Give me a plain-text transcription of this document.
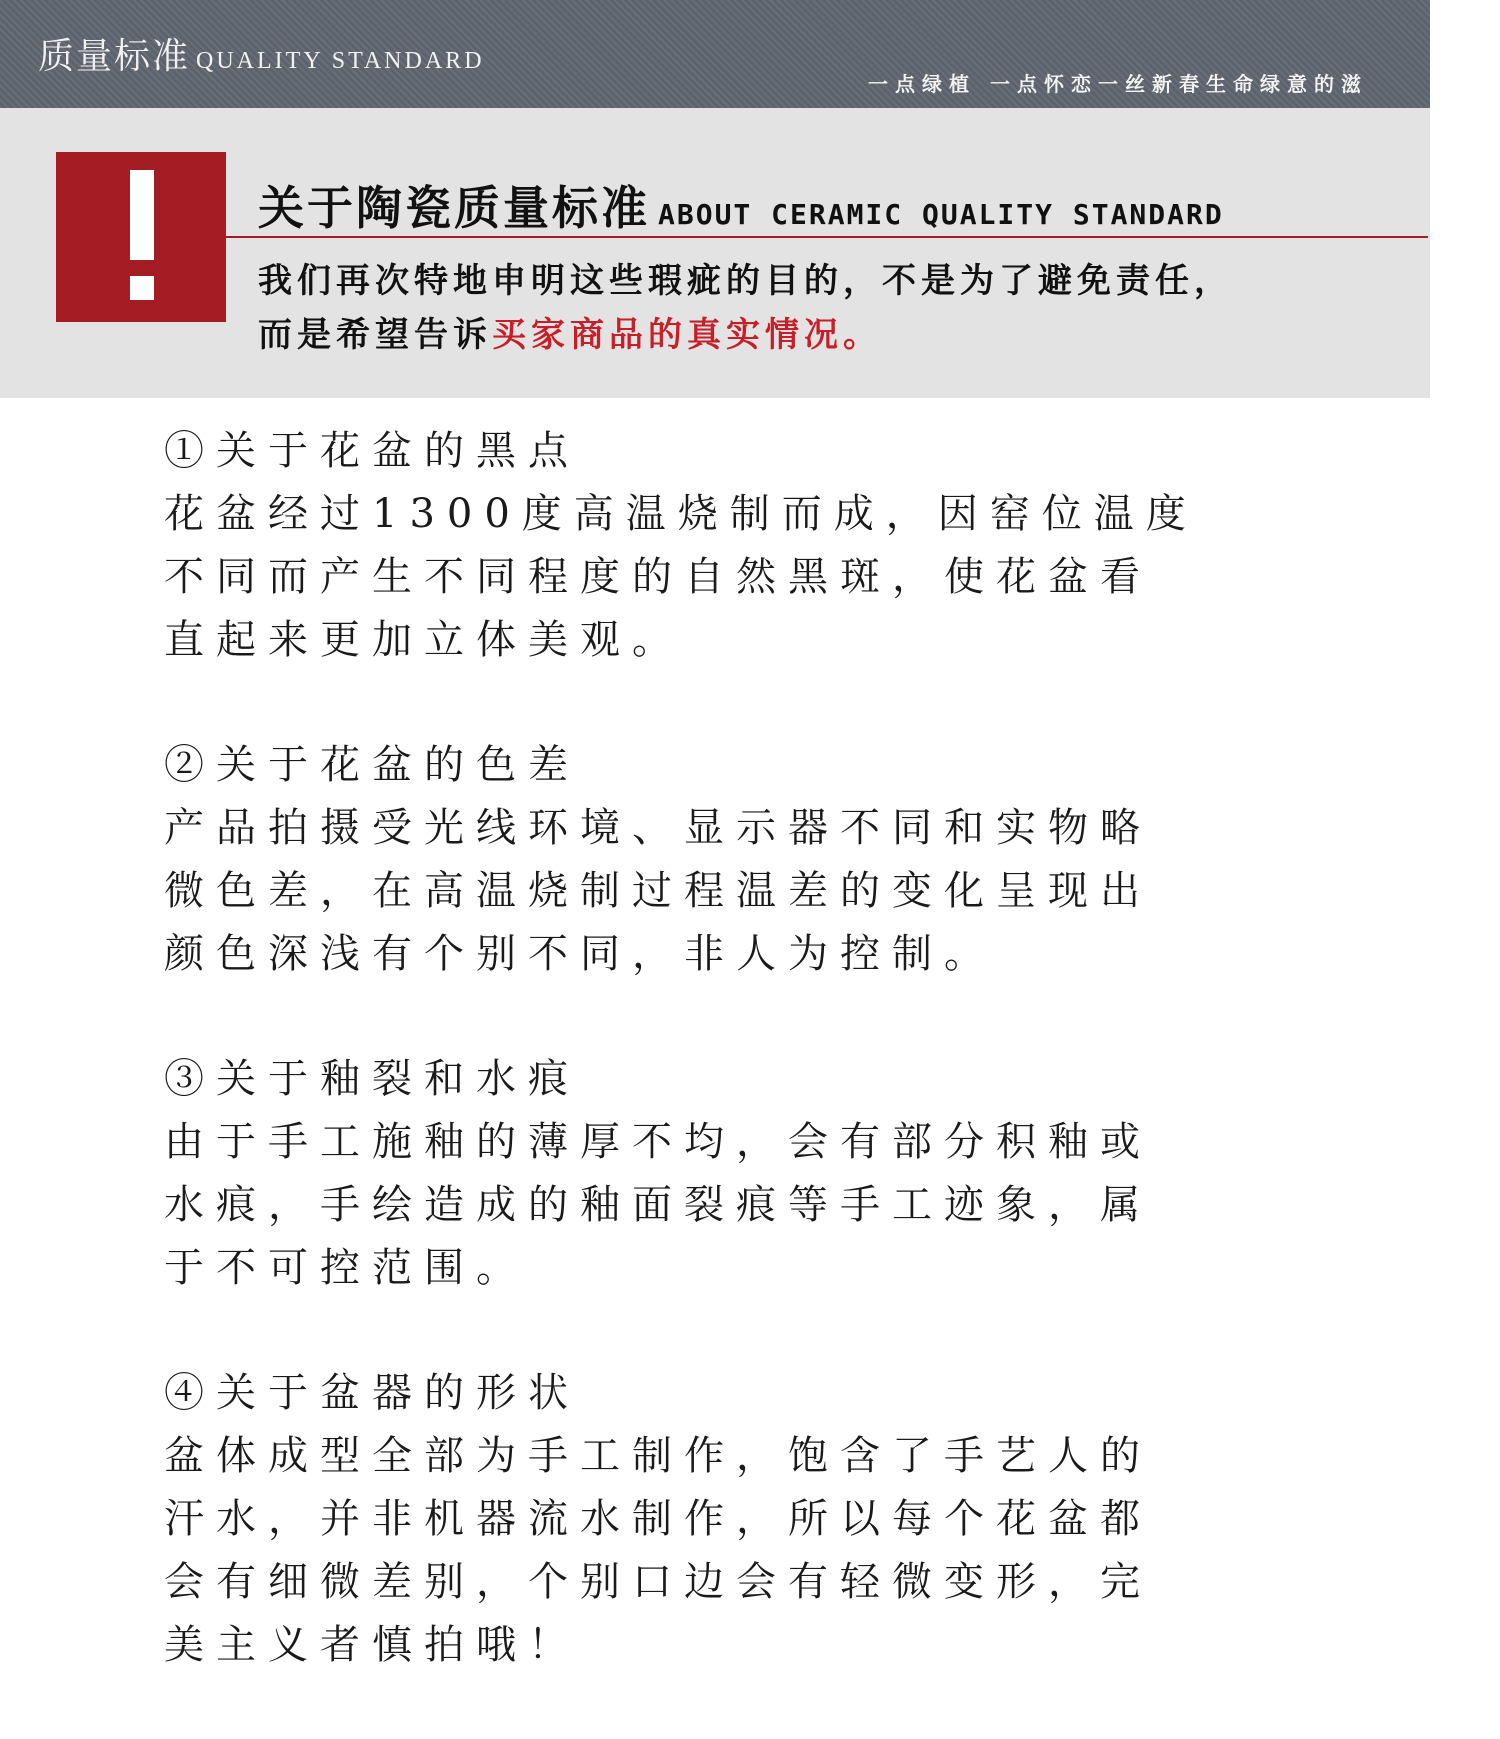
质量标准 QUALITY STANDARD
一点绿植 一点怀恋一丝新春生命绿意的滋
关于陶瓷质量标准 ABOUT CERAMIC QUALITY STANDARD
我们再次特地申明这些瑕疵的目的，不是为了避免责任，
而是希望告诉买家商品的真实情况。
①关于花盆的黑点

花盆经过1300度高温烧制而成，因窑位温度

不同而产生不同程度的自然黑斑，使花盆看

直起来更加立体美观。

②关于花盆的色差

产品拍摄受光线环境、显示器不同和实物略

微色差，在高温烧制过程温差的变化呈现出

颜色深浅有个别不同，非人为控制。

③关于釉裂和水痕

由于手工施釉的薄厚不均，会有部分积釉或

水痕，手绘造成的釉面裂痕等手工迹象，属

于不可控范围。

④关于盆器的形状

盆体成型全部为手工制作，饱含了手艺人的

汗水，并非机器流水制作，所以每个花盆都

会有细微差别，个别口边会有轻微变形，完

美主义者慎拍哦！
